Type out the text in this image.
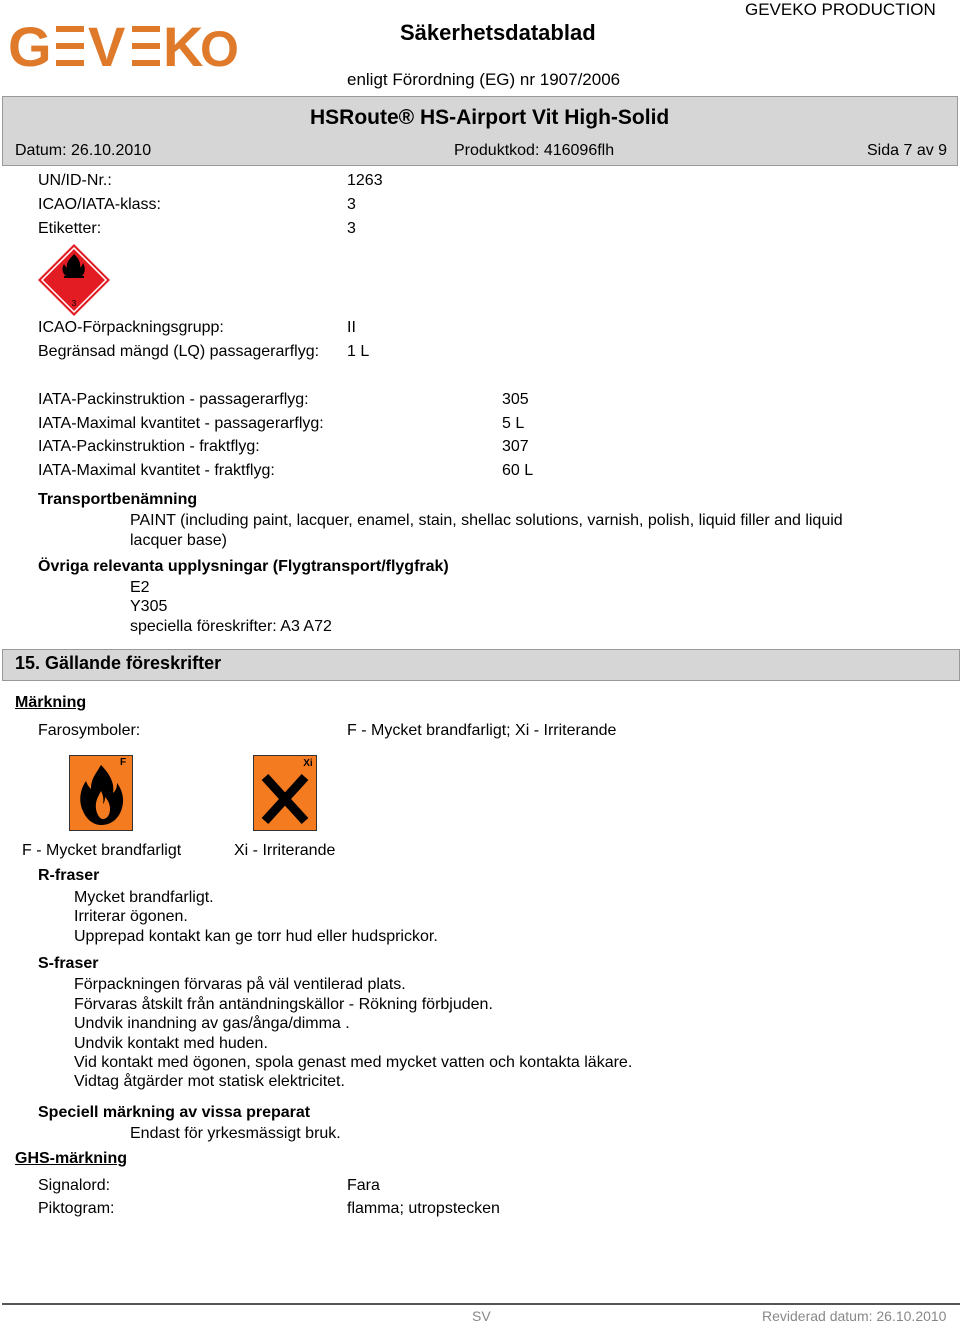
G V K
O	Säkerhetsdatablad
GEVEKO PRODUCTION
enligt Förordning (EG) nr 1907/2006
HSRoute® HS-Airport Vit High-Solid
Datum: 26.10.2010	Produktkod: 416096flh	Sida 7 av 9
UN/ID-Nr.:	1263
ICAO/IATA-klass:	3
Etiketter:	3
3
ICAO-Förpackningsgrupp:	II
Begränsad mängd (LQ) passagerarflyg: 1 L
IATA-Packinstruktion - passagerarflyg:	305
IATA-Maximal kvantitet - passagerarflyg:	5 L
IATA-Packinstruktion - fraktflyg:	307
IATA-Maximal kvantitet - fraktflyg:	60 L
Transportbenämning
PAINT (including paint, lacquer, enamel, stain, shellac solutions, varnish, polish, liquid filler and liquid
lacquer base)
Övriga relevanta upplysningar (Flygtransport/flygfrak)
E2
Y305
speciella föreskrifter: A3 A72
15. Gällande föreskrifter
Märkning
Farosymboler:	F - Mycket brandfarligt; Xi - Irriterande
F	Xi
F - Mycket brandfarligt	Xi - Irriterande
R-fraser
Mycket brandfarligt.
Irriterar ögonen.
Upprepad kontakt kan ge torr hud eller hudsprickor.
S-fraser
Förpackningen förvaras på väl ventilerad plats.
Förvaras åtskilt från antändningskällor - Rökning förbjuden.
Undvik inandning av gas/ånga/dimma .
Undvik kontakt med huden.
Vid kontakt med ögonen, spola genast med mycket vatten och kontakta läkare.
Vidtag åtgärder mot statisk elektricitet.
Speciell märkning av vissa preparat
Endast för yrkesmässigt bruk.
GHS-märkning
Signalord:	Fara
Piktogram:	flamma; utropstecken
SV	Reviderad datum: 26.10.2010
